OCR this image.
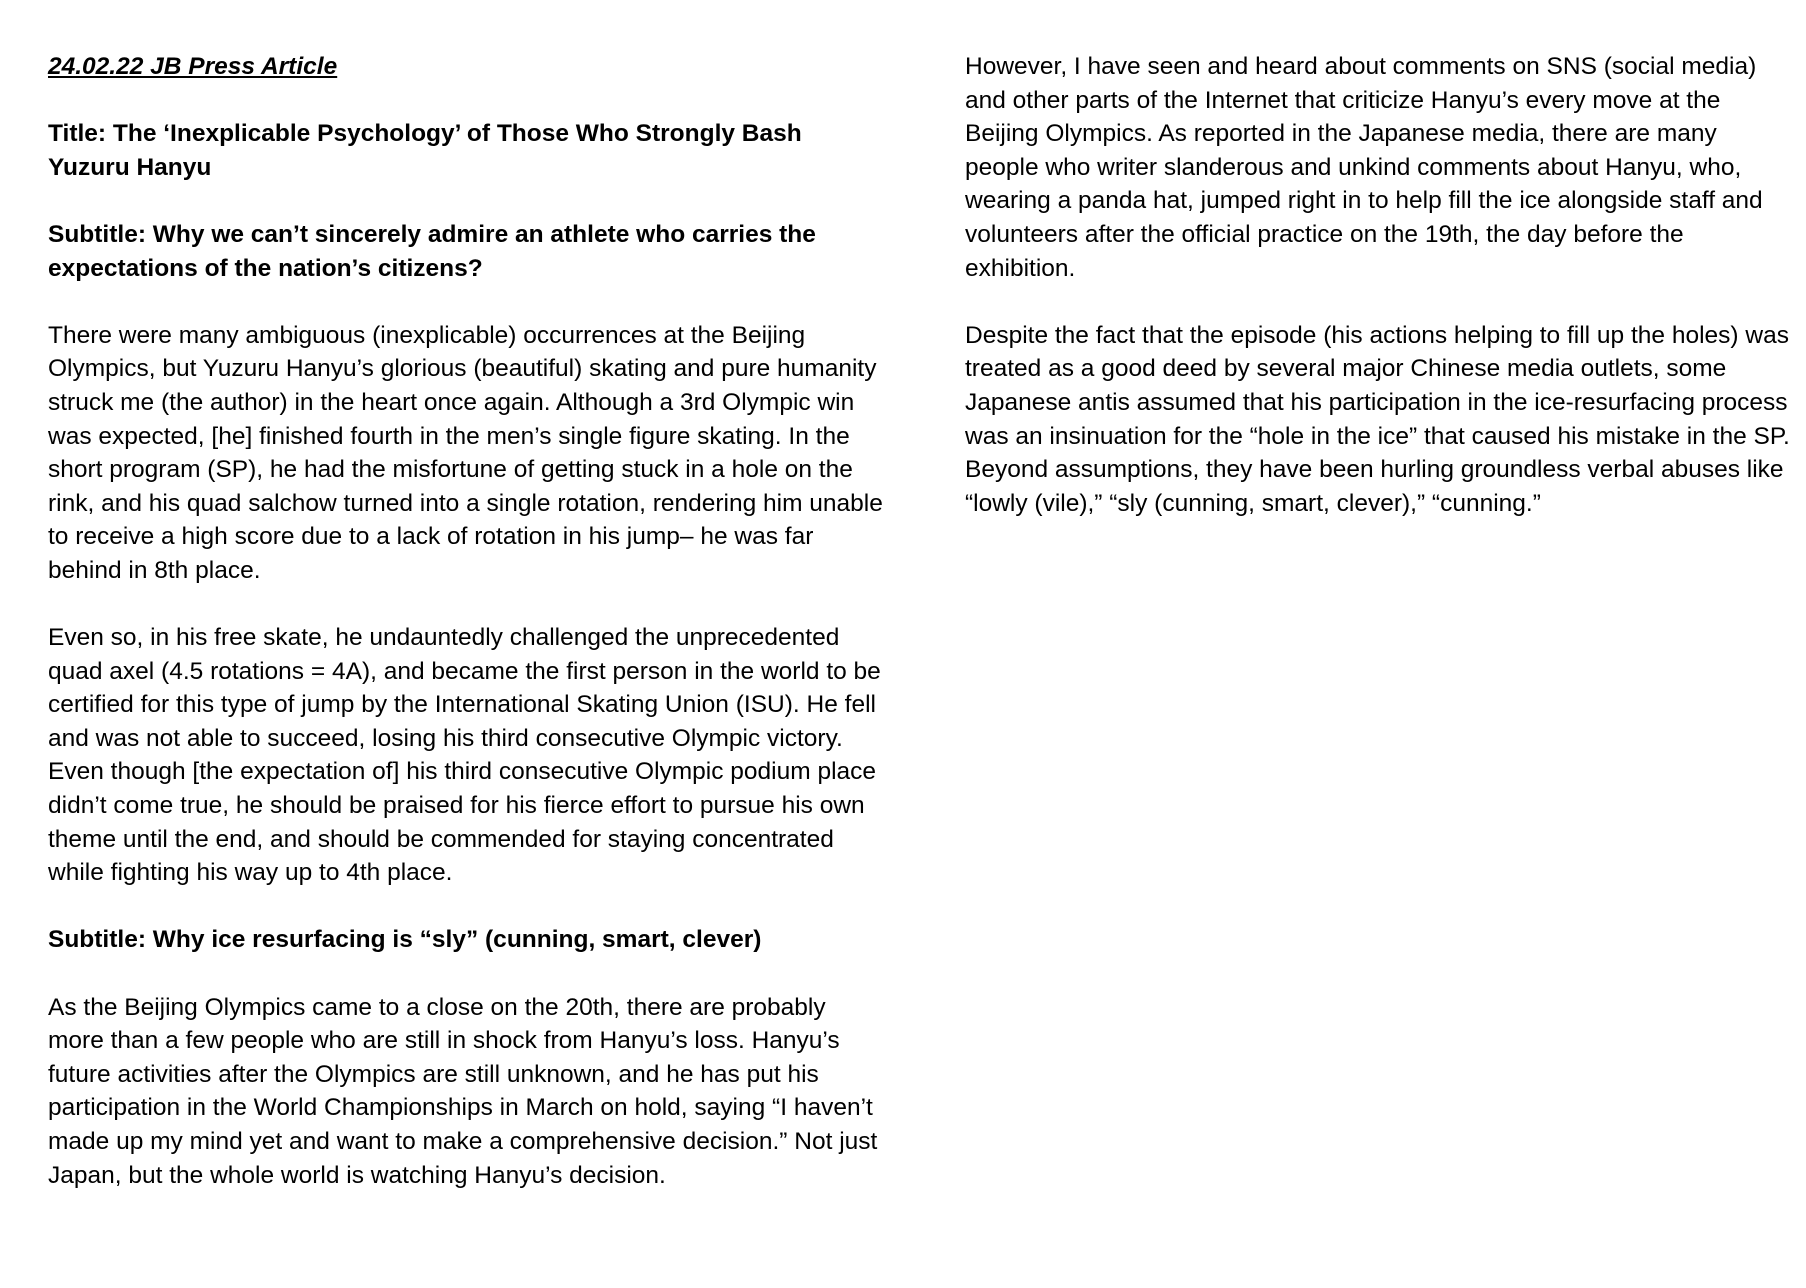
24.02.22 JB Press Article

Title: The ‘Inexplicable Psychology’ of Those Who Strongly Bash Yuzuru Hanyu

Subtitle: Why we can’t sincerely admire an athlete who carries the expectations of the nation’s citizens?

There were many ambiguous (inexplicable) occurrences at the Beijing Olympics, but Yuzuru Hanyu’s glorious (beautiful) skating and pure humanity struck me (the author) in the heart once again. Although a 3rd Olympic win was expected, [he] finished fourth in the men’s single figure skating. In the short program (SP), he had the misfortune of getting stuck in a hole on the rink, and his quad salchow turned into a single rotation, rendering him unable to receive a high score due to a lack of rotation in his jump– he was far behind in 8th place.

Even so, in his free skate, he undauntedly challenged the unprecedented quad axel (4.5 rotations = 4A), and became the first person in the world to be certified for this type of jump by the International Skating Union (ISU). He fell and was not able to succeed, losing his third consecutive Olympic victory. Even though [the expectation of] his third consecutive Olympic podium place didn’t come true, he should be praised for his fierce effort to pursue his own theme until the end, and should be commended for staying concentrated while fighting his way up to 4th place.

Subtitle: Why ice resurfacing is “sly” (cunning, smart, clever)

As the Beijing Olympics came to a close on the 20th, there are probably more than a few people who are still in shock from Hanyu’s loss. Hanyu’s future activities after the Olympics are still unknown, and he has put his participation in the World Championships in March on hold, saying “I haven’t made up my mind yet and want to make a comprehensive decision.” Not just Japan, but the whole world is watching Hanyu’s decision.

However, I have seen and heard about comments on SNS (social media) and other parts of the Internet that criticize Hanyu’s every move at the Beijing Olympics. As reported in the Japanese media, there are many people who writer slanderous and unkind comments about Hanyu, who, wearing a panda hat, jumped right in to help fill the ice alongside staff and volunteers after the official practice on the 19th, the day before the exhibition.

Despite the fact that the episode (his actions helping to fill up the holes) was treated as a good deed by several major Chinese media outlets, some Japanese antis assumed that his participation in the ice-resurfacing process was an insinuation for the “hole in the ice” that caused his mistake in the SP. Beyond assumptions, they have been hurling groundless verbal abuses like “lowly (vile),” “sly (cunning, smart, clever),” “cunning.”
